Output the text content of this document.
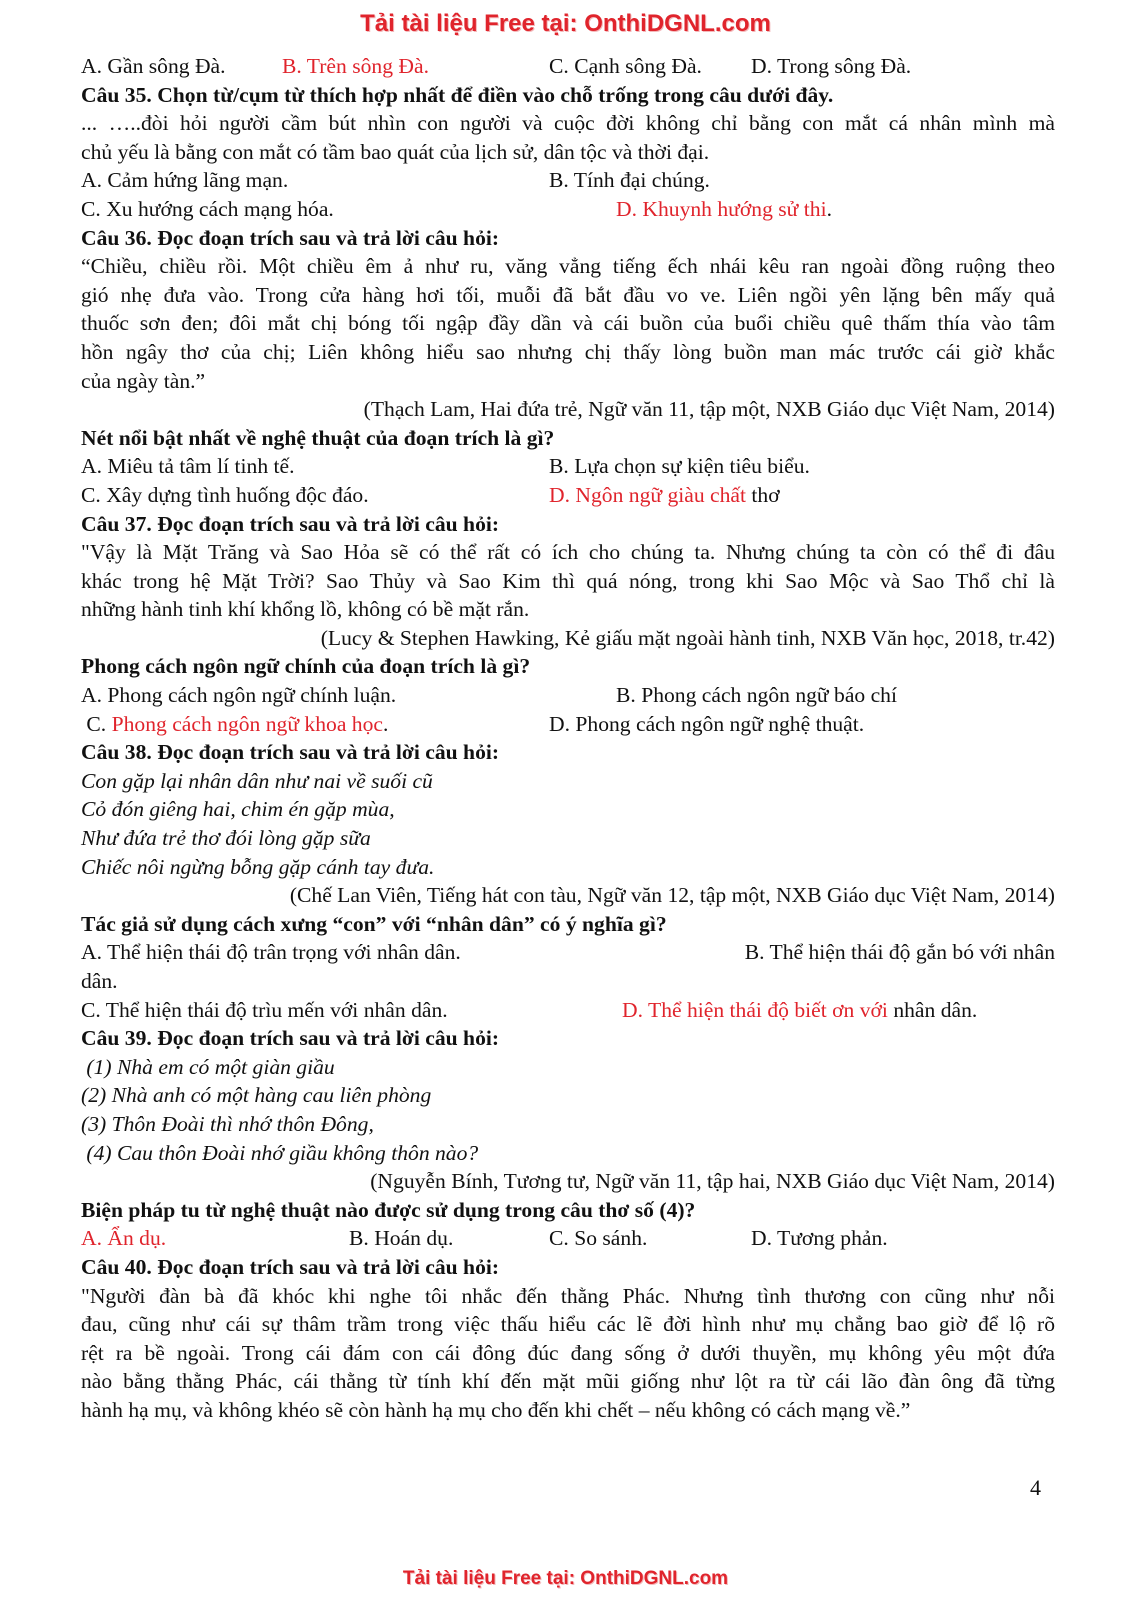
Tải tài liệu Free tại: OnthiDGNL.com
A. Gần sông Đà.	B. Trên sông Đà.	C. Cạnh sông Đà. D. Trong sông Đà.
Câu 35. Chọn từ/cụm từ thích hợp nhất để điền vào chỗ trống trong câu dưới đây.
... …..đòi hỏi người cầm bút nhìn con người và cuộc đời không chỉ bằng con mắt cá nhân mình mà
chủ yếu là bằng con mắt có tầm bao quát của lịch sử, dân tộc và thời đại.
A. Cảm hứng lãng mạn.	B. Tính đại chúng.
C. Xu hướng cách mạng hóa.	D. Khuynh hướng sử thi.
Câu 36. Đọc đoạn trích sau và trả lời câu hỏi:
“Chiều, chiều rồi. Một chiều êm ả như ru, văng vẳng tiếng ếch nhái kêu ran ngoài đồng ruộng theo
gió nhẹ đưa vào. Trong cửa hàng hơi tối, muỗi đã bắt đầu vo ve. Liên ngồi yên lặng bên mấy quả
thuốc sơn đen; đôi mắt chị bóng tối ngập đầy dần và cái buồn của buổi chiều quê thấm thía vào tâm
hồn ngây thơ của chị; Liên không hiểu sao nhưng chị thấy lòng buồn man mác trước cái giờ khắc
của ngày tàn.”
(Thạch Lam, Hai đứa trẻ, Ngữ văn 11, tập một, NXB Giáo dục Việt Nam, 2014)
Nét nổi bật nhất về nghệ thuật của đoạn trích là gì?
A. Miêu tả tâm lí tinh tế.	B. Lựa chọn sự kiện tiêu biểu.
C. Xây dựng tình huống độc đáo.	D. Ngôn ngữ giàu chất thơ
Câu 37. Đọc đoạn trích sau và trả lời câu hỏi:
"Vậy là Mặt Trăng và Sao Hỏa sẽ có thể rất có ích cho chúng ta. Nhưng chúng ta còn có thể đi đâu
khác trong hệ Mặt Trời? Sao Thủy và Sao Kim thì quá nóng, trong khi Sao Mộc và Sao Thổ chỉ là
những hành tinh khí khổng lồ, không có bề mặt rắn.
(Lucy & Stephen Hawking, Kẻ giấu mặt ngoài hành tinh, NXB Văn học, 2018, tr.42)
Phong cách ngôn ngữ chính của đoạn trích là gì?
A. Phong cách ngôn ngữ chính luận.	B. Phong cách ngôn ngữ báo chí
C. Phong cách ngôn ngữ khoa học.	D. Phong cách ngôn ngữ nghệ thuật.
Câu 38. Đọc đoạn trích sau và trả lời câu hỏi:
Con gặp lại nhân dân như nai về suối cũ
Cỏ đón giêng hai, chim én gặp mùa,
Như đứa trẻ thơ đói lòng gặp sữa
Chiếc nôi ngừng bỗng gặp cánh tay đưa.
(Chế Lan Viên, Tiếng hát con tàu, Ngữ văn 12, tập một, NXB Giáo dục Việt Nam, 2014)
Tác giả sử dụng cách xưng “con” với “nhân dân” có ý nghĩa gì?
A. Thể hiện thái độ trân trọng với nhân dân.	B. Thể hiện thái độ gắn bó với nhân
dân.
C. Thể hiện thái độ trìu mến với nhân dân.	D. Thể hiện thái độ biết ơn với nhân dân.
Câu 39. Đọc đoạn trích sau và trả lời câu hỏi:
(1) Nhà em có một giàn giầu
(2) Nhà anh có một hàng cau liên phòng
(3) Thôn Đoài thì nhớ thôn Đông,
(4) Cau thôn Đoài nhớ giầu không thôn nào?
(Nguyễn Bính, Tương tư, Ngữ văn 11, tập hai, NXB Giáo dục Việt Nam, 2014)
Biện pháp tu từ nghệ thuật nào được sử dụng trong câu thơ số (4)?
A. Ẩn dụ.	B. Hoán dụ.	C. So sánh.	D. Tương phản.
Câu 40. Đọc đoạn trích sau và trả lời câu hỏi:
"Người đàn bà đã khóc khi nghe tôi nhắc đến thằng Phác. Nhưng tình thương con cũng như nỗi
đau, cũng như cái sự thâm trầm trong việc thấu hiểu các lẽ đời hình như mụ chẳng bao giờ để lộ rõ
rệt ra bề ngoài. Trong cái đám con cái đông đúc đang sống ở dưới thuyền, mụ không yêu một đứa
nào bằng thằng Phác, cái thằng từ tính khí đến mặt mũi giống như lột ra từ cái lão đàn ông đã từng
hành hạ mụ, và không khéo sẽ còn hành hạ mụ cho đến khi chết – nếu không có cách mạng về.”
4
Tải tài liệu Free tại: OnthiDGNL.com
